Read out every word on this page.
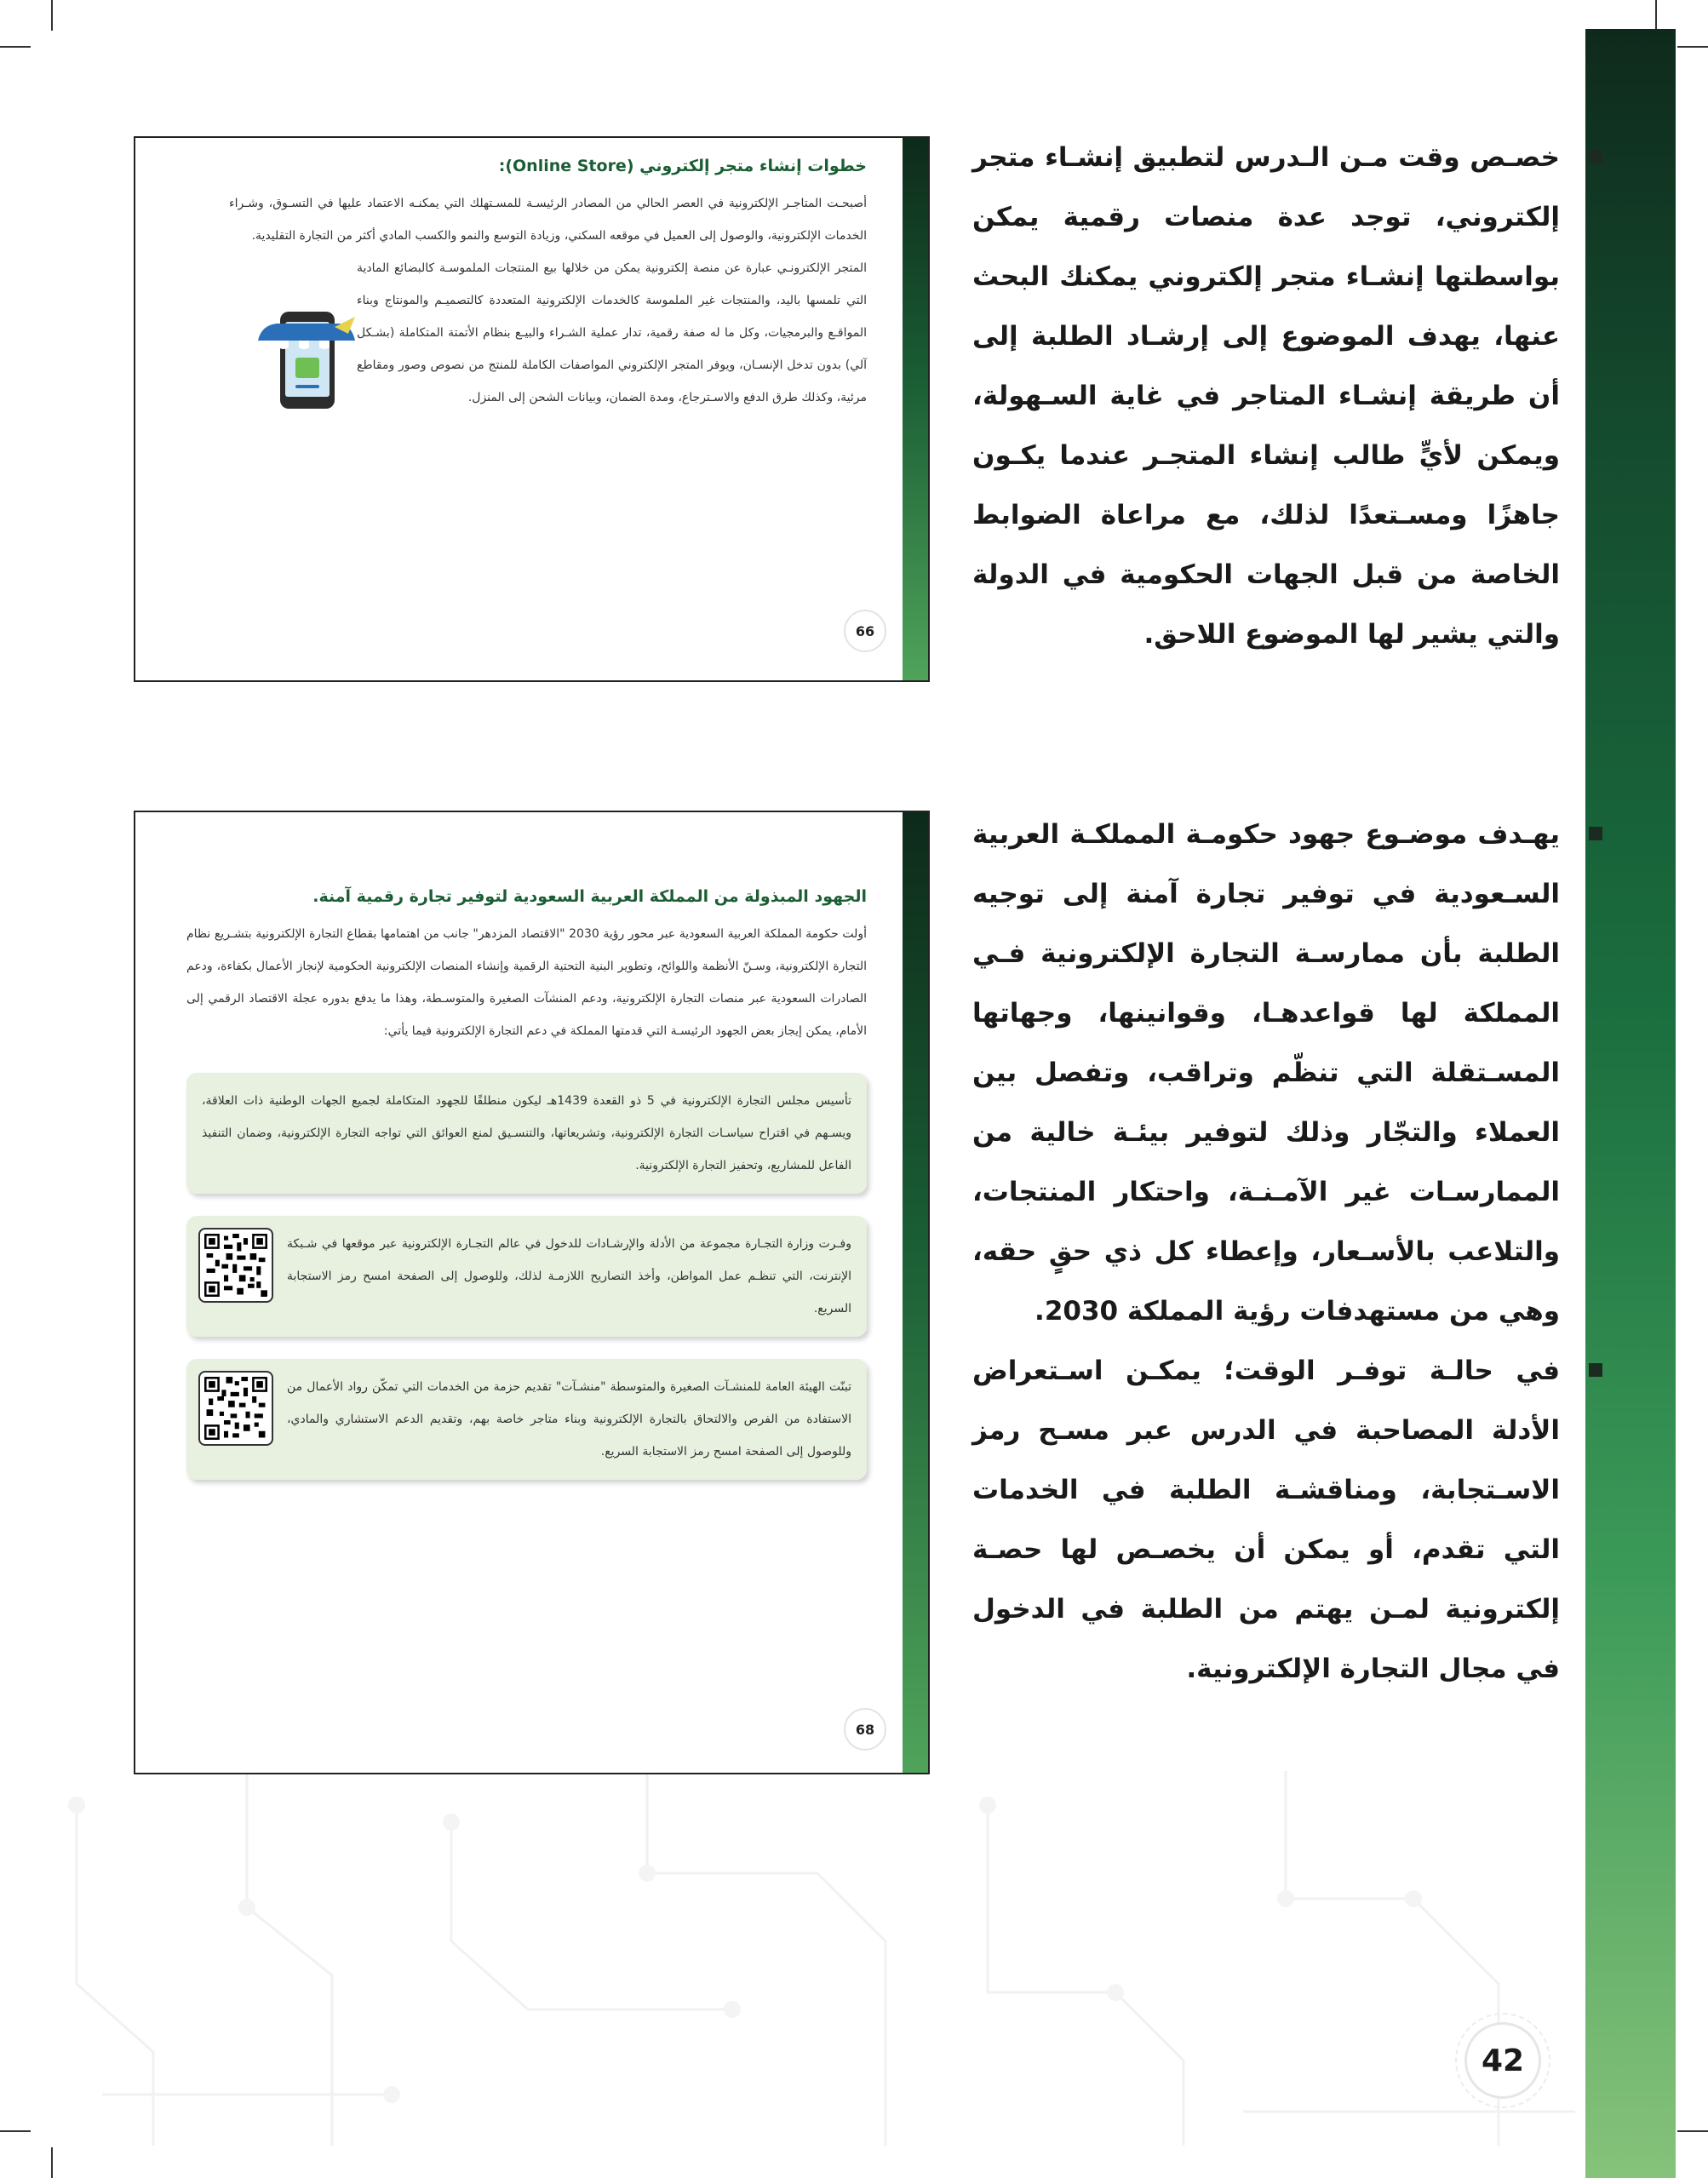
خصـص وقت مـن الـدرس لتطبيق إنشـاء متجر إلكتروني، توجد عدة منصات رقمية يمكن بواسطتها إنشـاء متجر إلكتروني يمكنك البحث عنها، يهدف الموضوع إلى إرشـاد الطلبة إلى أن طريقة إنشـاء المتاجر في غاية السـهولة، ويمكن لأيٍّ طالب إنشاء المتجـر عندما يكـون جاهزًا ومسـتعدًا لذلك، مع مراعاة الضوابط الخاصة من قبل الجهات الحكومية في الدولة والتي يشير لها الموضوع اللاحق.

يهـدف موضـوع جهود حكومـة المملكـة العربية السـعودية في توفير تجارة آمنة إلى توجيه الطلبة بأن ممارسـة التجارة الإلكترونية فـي المملكة لها قواعدهـا، وقوانينها، وجهاتها المسـتقلة التي تنظّم وتراقب، وتفصل بين العملاء والتجّار وذلك لتوفير بيئـة خالية من الممارسـات غير الآمـنـة، واحتكار المنتجات، والتلاعب بالأسـعار، وإعطاء كل ذي حقٍ حقه، وهي من مستهدفات رؤية المملكة 2030.

في حالـة توفـر الوقت؛ يمكـن اسـتعراض الأدلة المصاحبة في الدرس عبر مسـح رمز الاسـتجابة، ومناقشـة الطلبة في الخدمات التي تقدم، أو يمكن أن يخصـص لها حصـة إلكترونية لمـن يهتم من الطلبة في الدخول في مجال التجارة الإلكترونية.

خطوات إنشاء متجر إلكتروني (Online Store):

أصبحـت المتاجـر الإلكترونية في العصر الحالي من المصادر الرئيسـة للمسـتهلك التي يمكنـه الاعتماد عليها في التسـوق، وشـراء الخدمات الإلكترونية، والوصول إلى العميل في موقعه السكني، وزيادة التوسع والنمو والكسب المادي أكثر من التجارة التقليدية.

المتجر الإلكترونـي عبارة عن منصة إلكترونية يمكن من خلالها بيع المنتجات الملموسـة كالبضائع المادية التي تلمسها باليد، والمنتجات غير الملموسة كالخدمات الإلكترونية المتعددة كالتصميـم والمونتاج وبناء المواقـع والبرمجيات، وكل ما له صفة رقمية، تدار عملية الشـراء والبيـع بنظام الأتمتة المتكاملة (بشـكل آلي) بدون تدخل الإنسـان، ويوفر المتجر الإلكتروني المواصفات الكاملة للمنتج من نصوص وصور ومقاطع مرئية، وكذلك طرق الدفع والاسـترجاع، ومدة الضمان، وبيانات الشحن إلى المنزل.

66
الجهود المبذولة من المملكة العربية السعودية لتوفير تجارة رقمية آمنة.

أولت حكومة المملكة العربية السعودية عبر محور رؤية 2030 "الاقتصاد المزدهر" جانب من اهتمامها بقطاع التجارة الإلكترونية بتشـريع نظام التجارة الإلكترونية، وسـنّ الأنظمة واللوائح، وتطوير البنية التحتية الرقمية وإنشاء المنصات الإلكترونية الحكومية لإنجاز الأعمال بكفاءة، ودعم الصادرات السعودية عبر منصات التجارة الإلكترونية، ودعم المنشآت الصغيرة والمتوسـطة، وهذا ما يدفع بدوره عجلة الاقتصاد الرقمي إلى الأمام، يمكن إيجاز بعض الجهود الرئيسـة التي قدمتها المملكة في دعم التجارة الإلكترونية فيما يأتي:

تأسيس مجلس التجارة الإلكترونية في 5 ذو القعدة 1439هـ ليكون منطلقًا للجهود المتكاملة لجميع الجهات الوطنية ذات العلاقة، ويسـهم في اقتراح سياسـات التجارة الإلكترونية، وتشريعاتها، والتنسـيق لمنع العوائق التي تواجه التجارة الإلكترونية، وضمان التنفيذ الفاعل للمشاريع، وتحفيز التجارة الإلكترونية.

وفـرت وزارة التجـارة مجموعة من الأدلة والإرشـادات للدخول في عالم التجـارة الإلكترونية عبر موقعها في شـبكة الإنترنت، التي تنظـم عمل المواطن، وأخذ التصاريح اللازمـة لذلك، وللوصول إلى الصفحة امسح رمز الاستجابة السريع.

تبنّت الهيئة العامة للمنشـآت الصغيرة والمتوسطة "منشـآت" تقديم حزمة من الخدمات التي تمكّن رواد الأعمال من الاستفادة من الفرص والالتحاق بالتجارة الإلكترونية وبناء متاجر خاصة بهم، وتقديم الدعم الاستشاري والمادي، وللوصول إلى الصفحة امسح رمز الاستجابة السريع.

68
42
